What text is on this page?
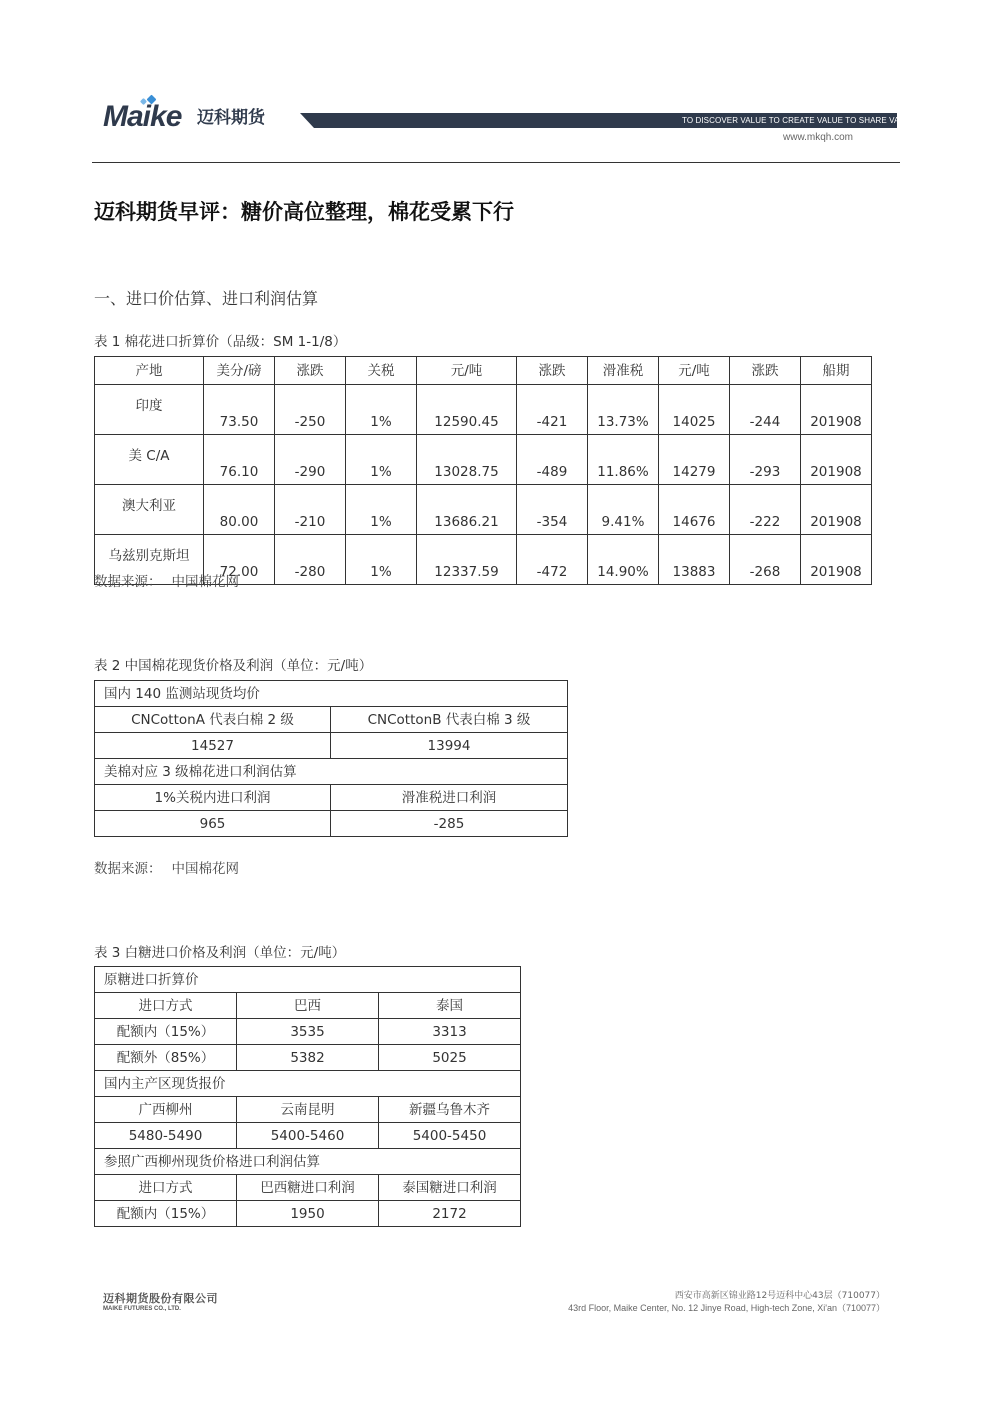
Maike 迈科期货	TO DISCOVER VALUE TO CREATE VALUE TO SHARE VALUE
www.mkqh.com
迈科期货早评：糖价高位整理，棉花受累下行
一、进口价估算、进口利润估算
表 1 棉花进口折算价（品级：SM 1-1/8）
产地	美分/磅	涨跌	关税	元/吨	涨跌	滑准税	元/吨	涨跌	船期
印度	73.50	-250	1%	12590.45	-421	13.73%	14025	-244	201908
美 C/A	76.10	-290	1%	13028.75	-489	11.86%	14279	-293	201908
澳大利亚	80.00	-210	1%	13686.21	-354	9.41%	14676	-222	201908
乌兹别克斯坦	72.00	-280	1%	12337.59	-472	14.90%	13883	-268	201908
数据来源： 中国棉花网
表 2 中国棉花现货价格及利润（单位：元/吨）
国内 140 监测站现货均价	
CNCottonA 代表白棉 2 级	CNCottonB 代表白棉 3 级
14527	13994
美棉对应 3 级棉花进口利润估算	
1%关税内进口利润	滑准税进口利润
965	-285
数据来源： 中国棉花网
表 3 白糖进口价格及利润（单位：元/吨）
原糖进口折算价		
进口方式	巴西	泰国
配额内（15%）	3535	3313
配额外（85%）	5382	5025
国内主产区现货报价		
广西柳州	云南昆明	新疆乌鲁木齐
5480-5490	5400-5460	5400-5450
参照广西柳州现货价格进口利润估算		
进口方式	巴西糖进口利润	泰国糖进口利润
配额内（15%）	1950	2172
迈科期货股份有限公司
MAIKE FUTURES CO., LTD.
西安市高新区锦业路12号迈科中心43层（710077）
43rd Floor, Maike Center, No. 12 Jinye Road, High-tech Zone, Xi'an（710077）
